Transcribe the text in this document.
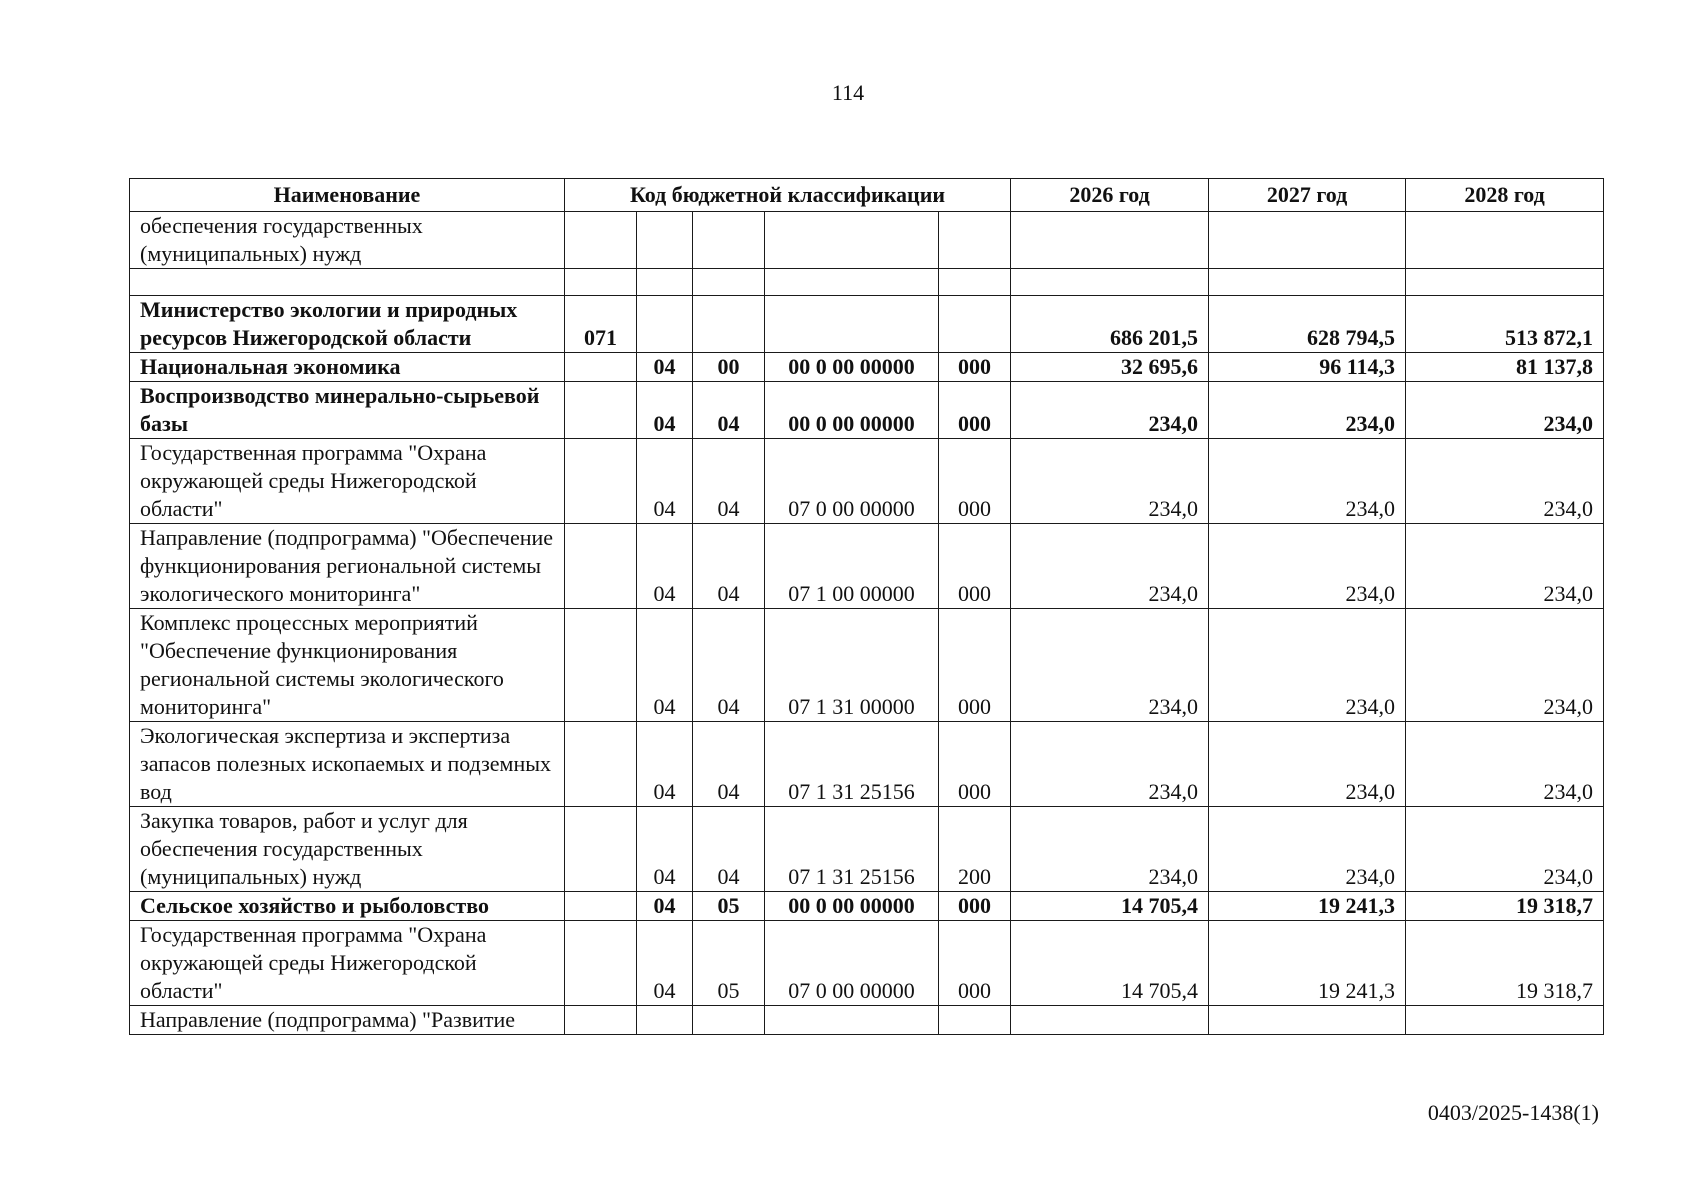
114
Наименование	Код бюджетной классификации					2026 год	2027 год	2028 год
обеспечения государственных (муниципальных) нужд								

Министерство экологии и природных ресурсов Нижегородской области	071					686 201,5	628 794,5	513 872,1
Национальная экономика		04	00	00 0 00 00000	000	32 695,6	96 114,3	81 137,8
Воспроизводство минерально-сырьевой базы		04	04	00 0 00 00000	000	234,0	234,0	234,0
Государственная программа "Охрана окружающей среды Нижегородской области"		04	04	07 0 00 00000	000	234,0	234,0	234,0
Направление (подпрограмма) "Обеспечение функционирования региональной системы экологического мониторинга"		04	04	07 1 00 00000	000	234,0	234,0	234,0
Комплекс процессных мероприятий "Обеспечение функционирования региональной системы экологического мониторинга"		04	04	07 1 31 00000	000	234,0	234,0	234,0
Экологическая экспертиза и экспертиза запасов полезных ископаемых и подземных вод		04	04	07 1 31 25156	000	234,0	234,0	234,0
Закупка товаров, работ и услуг для обеспечения государственных (муниципальных) нужд		04	04	07 1 31 25156	200	234,0	234,0	234,0
Сельское хозяйство и рыболовство		04	05	00 0 00 00000	000	14 705,4	19 241,3	19 318,7
Государственная программа "Охрана окружающей среды Нижегородской области"		04	05	07 0 00 00000	000	14 705,4	19 241,3	19 318,7
Направление (подпрограмма) "Развитие								
0403/2025-1438(1)
